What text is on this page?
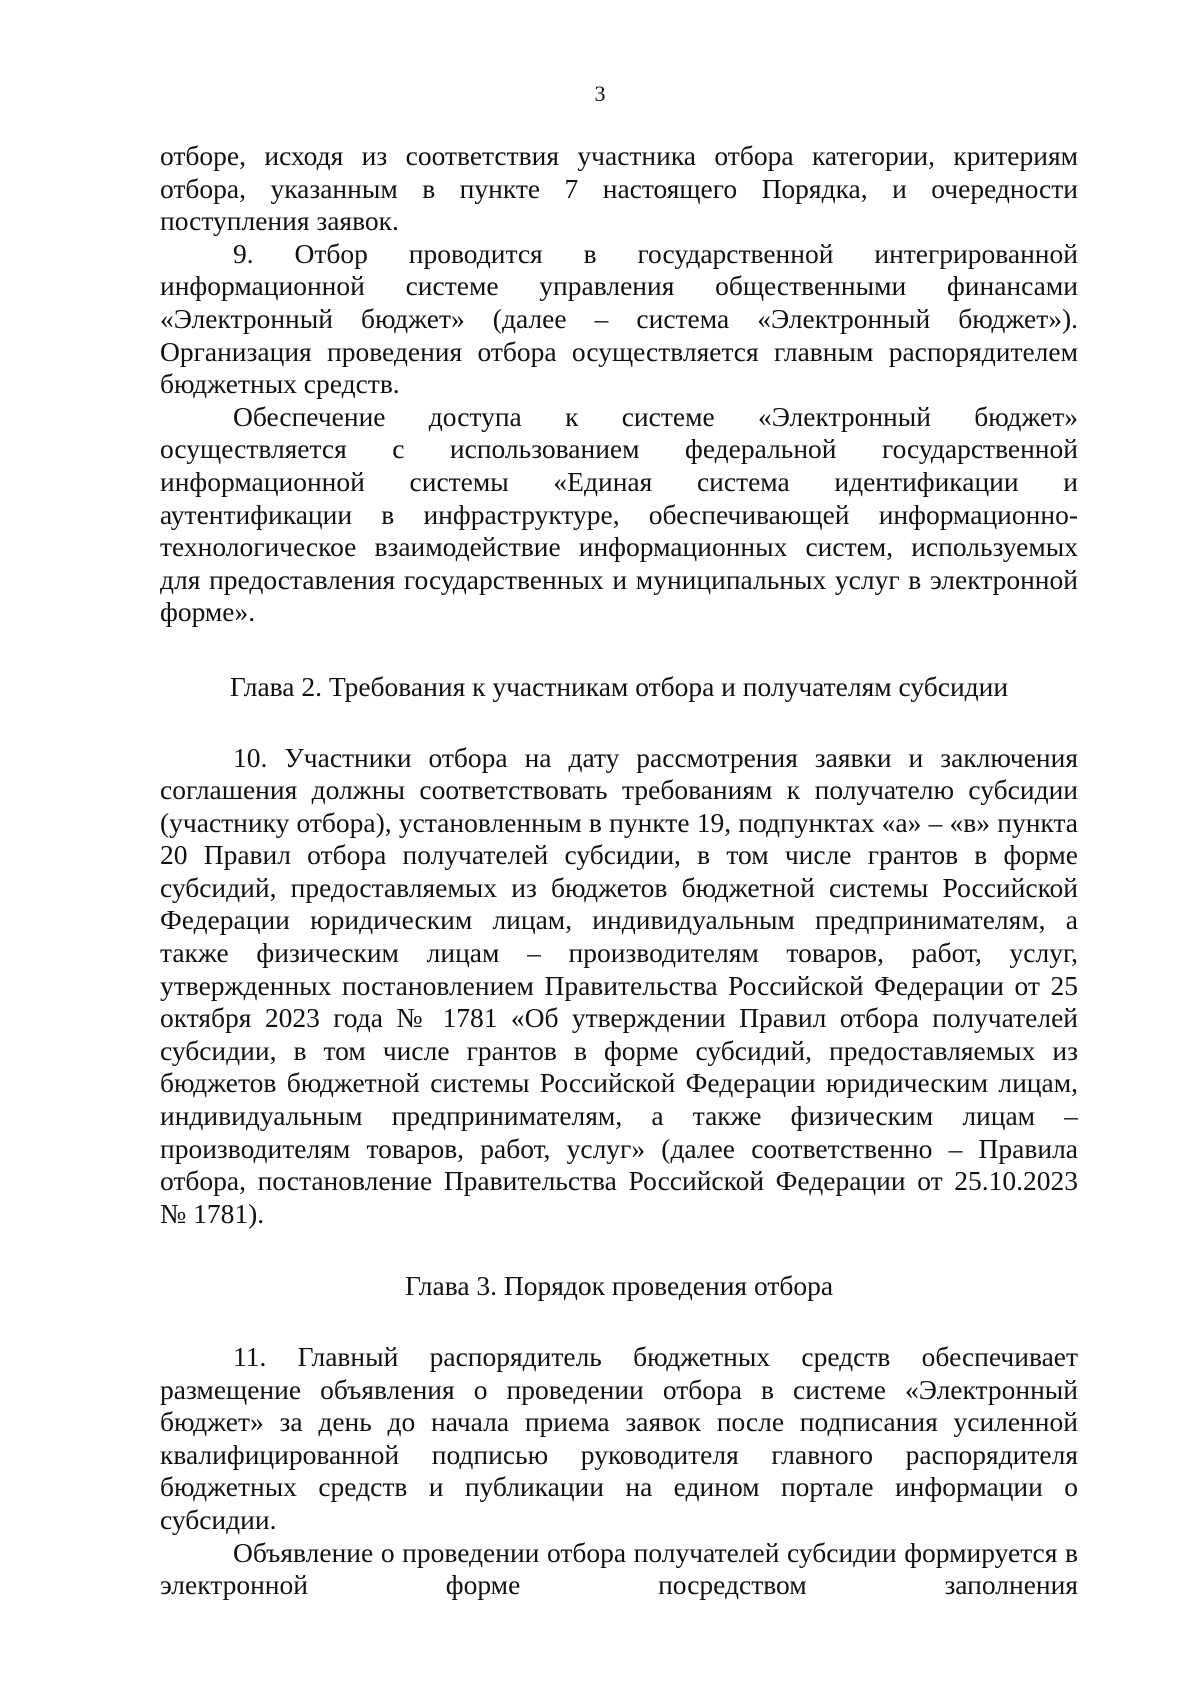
3

отборе, исходя из соответствия участника отбора категории, критериям отбора, указанным в пункте 7 настоящего Порядка, и очередности поступления заявок.

9. Отбор проводится в государственной интегрированной информационной системе управления общественными финансами «Электронный бюджет» (далее – система «Электронный бюджет»). Организация проведения отбора осуществляется главным распорядителем бюджетных средств.

Обеспечение доступа к системе «Электронный бюджет» осуществляется с использованием федеральной государственной информационной системы «Единая система идентификации и аутентификации в инфраструктуре, обеспечивающей информационно-технологическое взаимодействие информационных систем, используемых для предоставления государственных и муниципальных услуг в электронной форме».

Глава 2. Требования к участникам отбора и получателям субсидии

10. Участники отбора на дату рассмотрения заявки и заключения соглашения должны соответствовать требованиям к получателю субсидии (участнику отбора), установленным в пункте 19, подпунктах «а» – «в» пункта 20 Правил отбора получателей субсидии, в том числе грантов в форме субсидий, предоставляемых из бюджетов бюджетной системы Российской Федерации юридическим лицам, индивидуальным предпринимателям, а также физическим лицам – производителям товаров, работ, услуг, утвержденных постановлением Правительства Российской Федерации от 25 октября 2023 года № 1781 «Об утверждении Правил отбора получателей субсидии, в том числе грантов в форме субсидий, предоставляемых из бюджетов бюджетной системы Российской Федерации юридическим лицам, индивидуальным предпринимателям, а также физическим лицам – производителям товаров, работ, услуг» (далее соответственно – Правила отбора, постановление Правительства Российской Федерации от 25.10.2023 № 1781).

Глава 3. Порядок проведения отбора

11. Главный распорядитель бюджетных средств обеспечивает размещение объявления о проведении отбора в системе «Электронный бюджет» за день до начала приема заявок после подписания усиленной квалифицированной подписью руководителя главного распорядителя бюджетных средств и публикации на едином портале информации о субсидии.

Объявление о проведении отбора получателей субсидии формируется в электронной форме посредством заполнения
